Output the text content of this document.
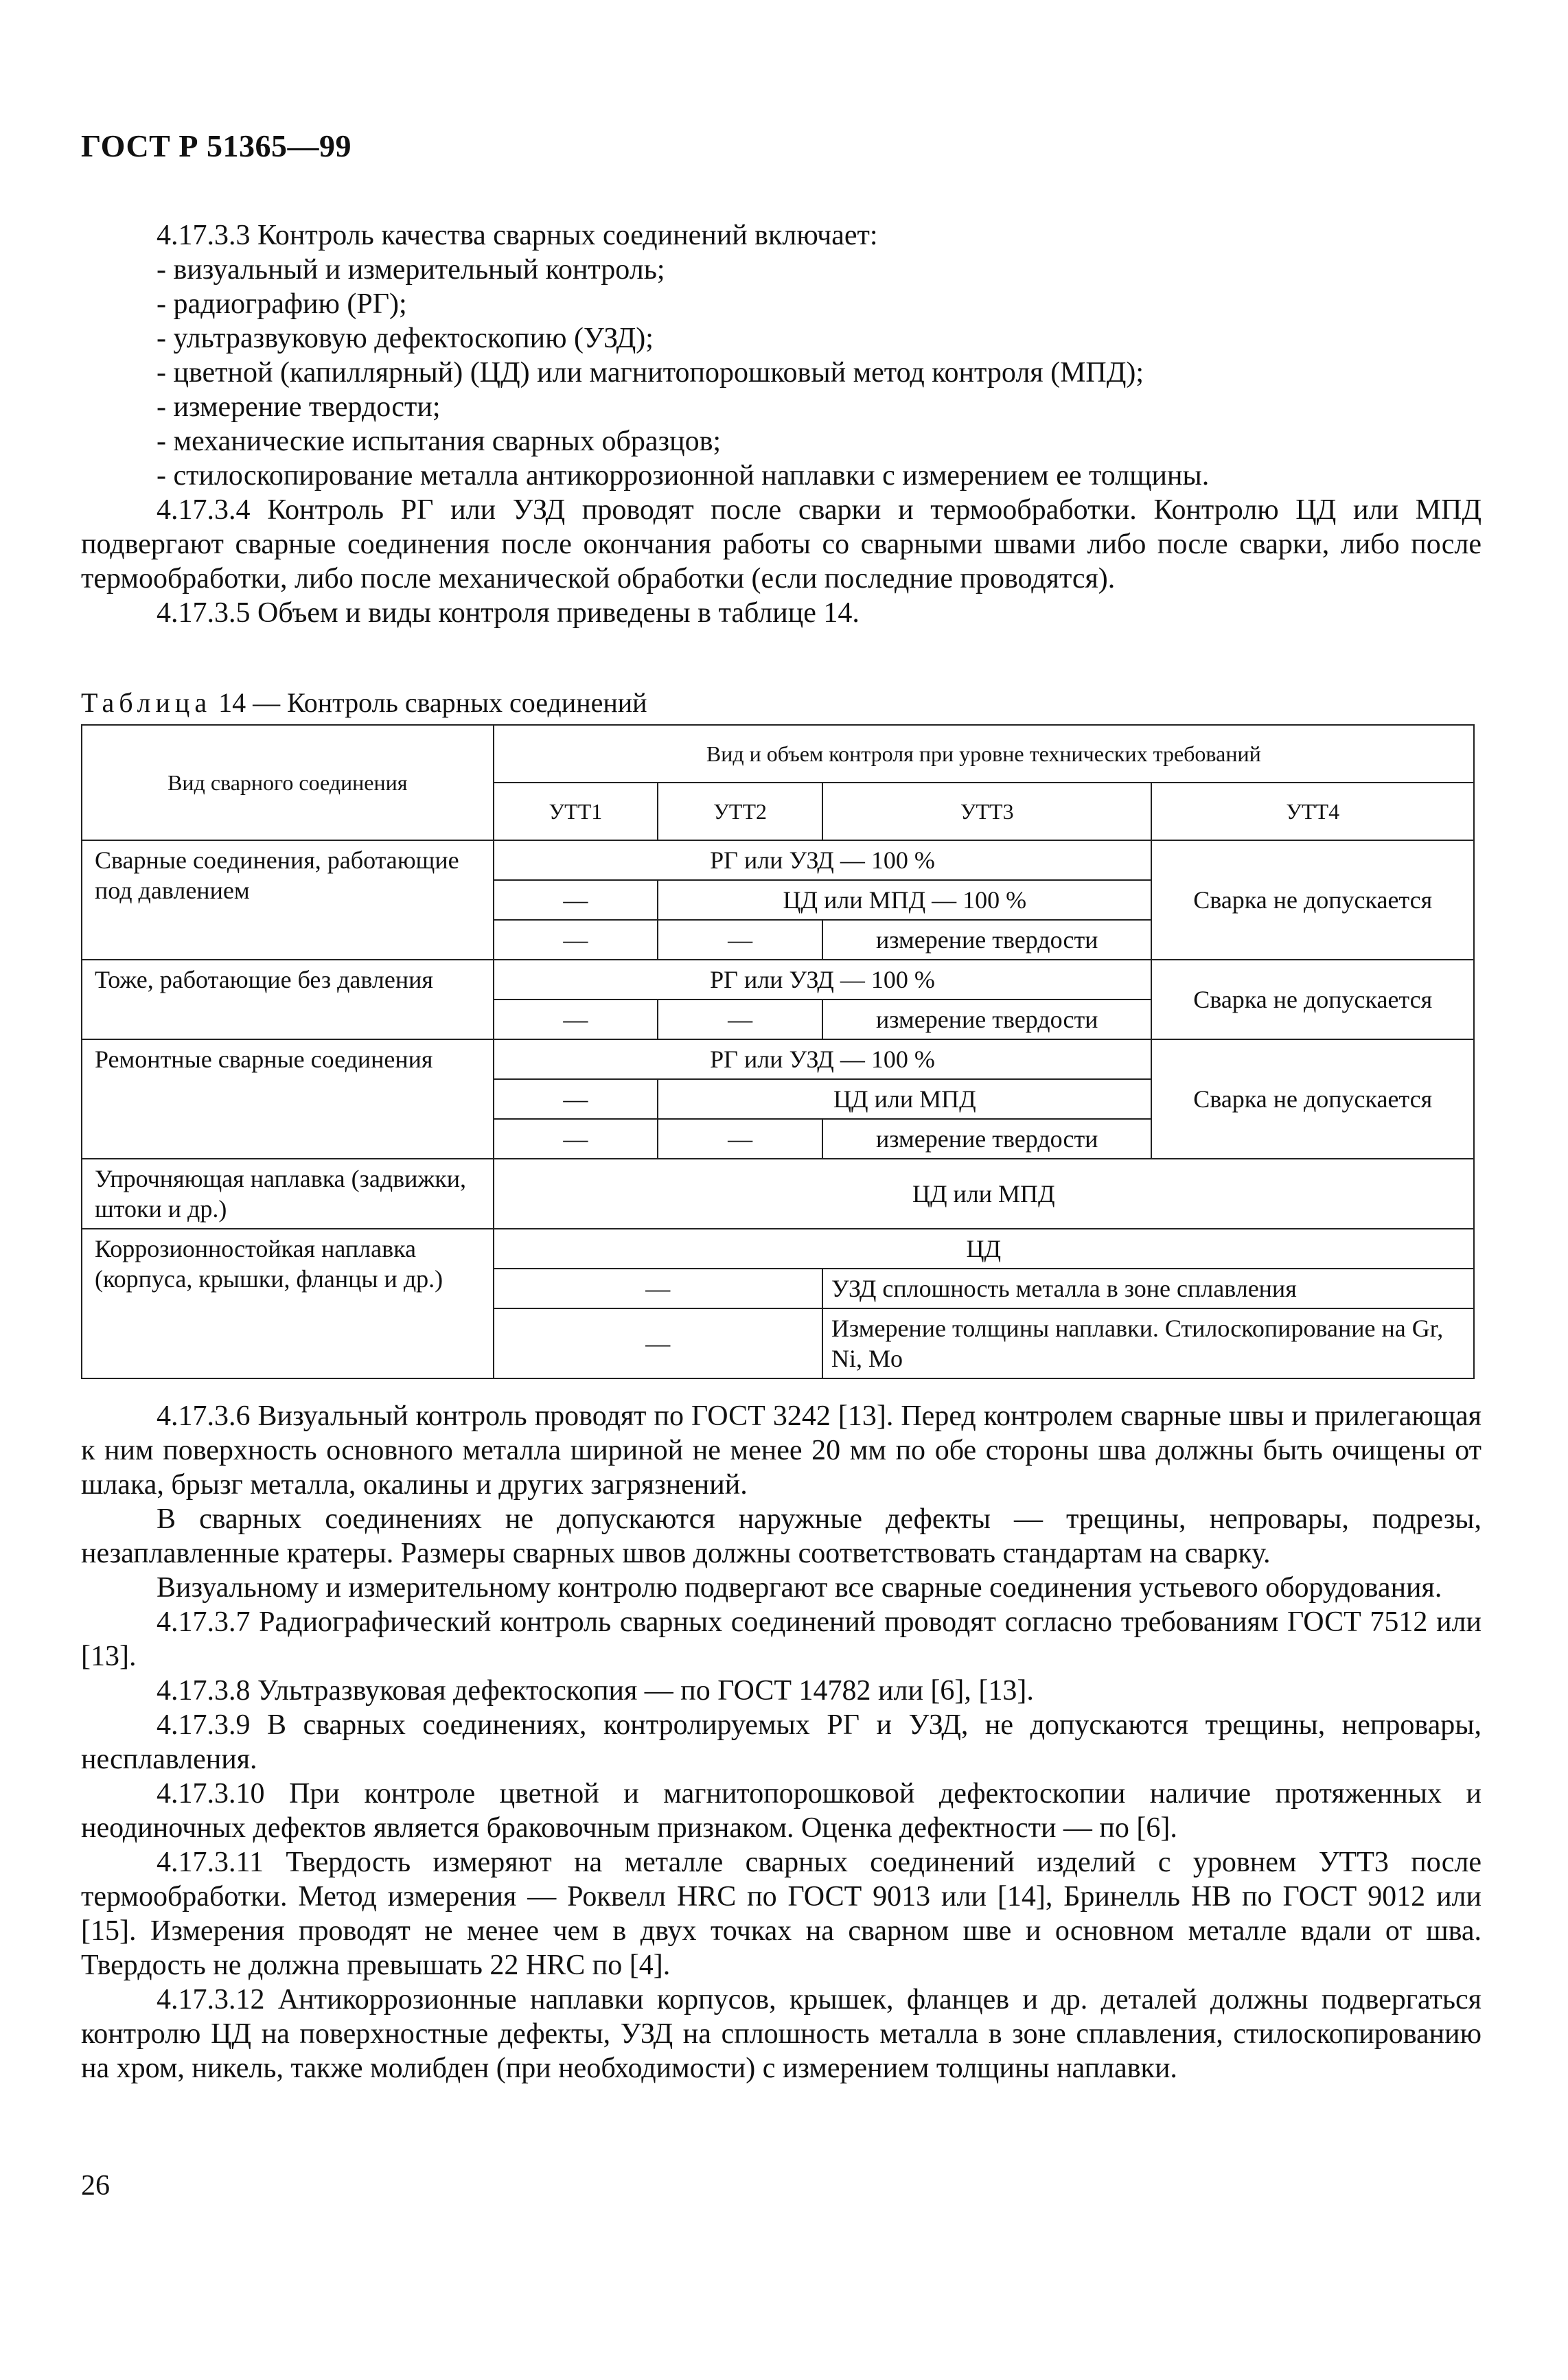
ГОСТ Р 51365—99

4.17.3.3 Контроль качества сварных соединений включает:

- визуальный и измерительный контроль;

- радиографию (РГ);

- ультразвуковую дефектоскопию (УЗД);

- цветной (капиллярный) (ЦД) или магнитопорошковый метод контроля (МПД);

- измерение твердости;

- механические испытания сварных образцов;

- стилоскопирование металла антикоррозионной наплавки с измерением ее толщины.

4.17.3.4 Контроль РГ или УЗД проводят после сварки и термообработки. Контролю ЦД или МПД подвергают сварные соединения после окончания работы со сварными швами либо после сварки, либо после термообработки, либо после механической обработки (если последние проводятся).

4.17.3.5 Объем и виды контроля приведены в таблице 14.

Таблица 14 — Контроль сварных соединений
Вид сварного соединения	Вид и объем контроля при уровне технических требований			
	УТТ1	УТТ2	УТТ3	УТТ4
Сварные соединения, работающие под давлением	РГ или УЗД — 100 %			Сварка не допускается
	—	ЦД или МПД — 100 %		
	—	—	измерение твердости	
Тоже, работающие без давления	РГ или УЗД — 100 %			Сварка не допускается
	—	—	измерение твердости	
Ремонтные сварные соединения	РГ или УЗД — 100 %			Сварка не допускается
	—	ЦД или МПД		
	—	—	измерение твердости	
Упрочняющая наплавка (задвижки, штоки и др.)	ЦД или МПД			
Коррозионностойкая наплавка (корпуса, крышки, фланцы и др.)	ЦД			
	—		УЗД сплошность металла в зоне сплавления	
	—		Измерение толщины наплавки. Стилоскопирование на Gr, Ni, Mo	

4.17.3.6 Визуальный контроль проводят по ГОСТ 3242 [13]. Перед контролем сварные швы и прилегающая к ним поверхность основного металла шириной не менее 20 мм по обе стороны шва должны быть очищены от шлака, брызг металла, окалины и других загрязнений.

В сварных соединениях не допускаются наружные дефекты — трещины, непровары, подрезы, незаплавленные кратеры. Размеры сварных швов должны соответствовать стандартам на сварку.

Визуальному и измерительному контролю подвергают все сварные соединения устьевого оборудования.

4.17.3.7 Радиографический контроль сварных соединений проводят согласно требованиям ГОСТ 7512 или [13].

4.17.3.8 Ультразвуковая дефектоскопия — по ГОСТ 14782 или [6], [13].

4.17.3.9 В сварных соединениях, контролируемых РГ и УЗД, не допускаются трещины, непровары, несплавления.

4.17.3.10 При контроле цветной и магнитопорошковой дефектоскопии наличие протяженных и неодиночных дефектов является браковочным признаком. Оценка дефектности — по [6].

4.17.3.11 Твердость измеряют на металле сварных соединений изделий с уровнем УТТ3 после термообработки. Метод измерения — Роквелл HRC по ГОСТ 9013 или [14], Бринелль НВ по ГОСТ 9012 или [15]. Измерения проводят не менее чем в двух точках на сварном шве и основном металле вдали от шва. Твердость не должна превышать 22 HRC по [4].

4.17.3.12 Антикоррозионные наплавки корпусов, крышек, фланцев и др. деталей должны подвергаться контролю ЦД на поверхностные дефекты, УЗД на сплошность металла в зоне сплавления, стилоскопированию на хром, никель, также молибден (при необходимости) с измерением толщины наплавки.

26
